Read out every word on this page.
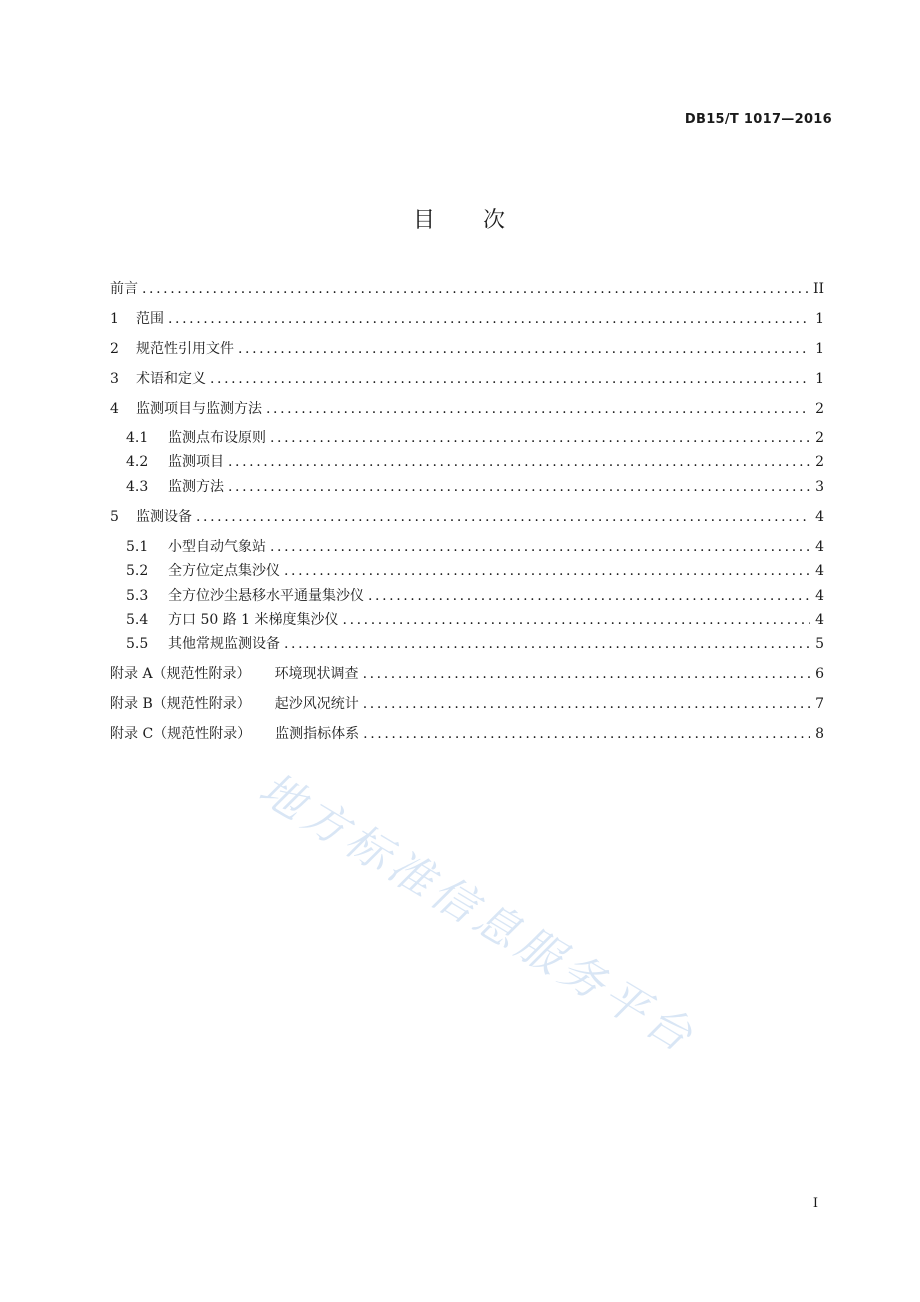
DB15/T 1017—2016
目 次
前言 .....	II
1	范围 .....	1
2	规范性引用文件 .....	1
3	术语和定义 .....	1
4	监测项目与监测方法 .....	2
4.1	监测点布设原则 .....	2
4.2	监测项目 .....	2
4.3	监测方法 .....	3
5	监测设备 .....	4
5.1	小型自动气象站 .....	4
5.2	全方位定点集沙仪 .....	4
5.3	全方位沙尘悬移水平通量集沙仪 .....	4
5.4	方口 50 路 1 米梯度集沙仪 .....	4
5.5	其他常规监测设备 .....	5
附录 A（规范性附录） 环境现状调查 .....	6
附录 B（规范性附录） 起沙风况统计 .....	7
附录 C（规范性附录） 监测指标体系 .....	8
地方标准信息服务平台
I
